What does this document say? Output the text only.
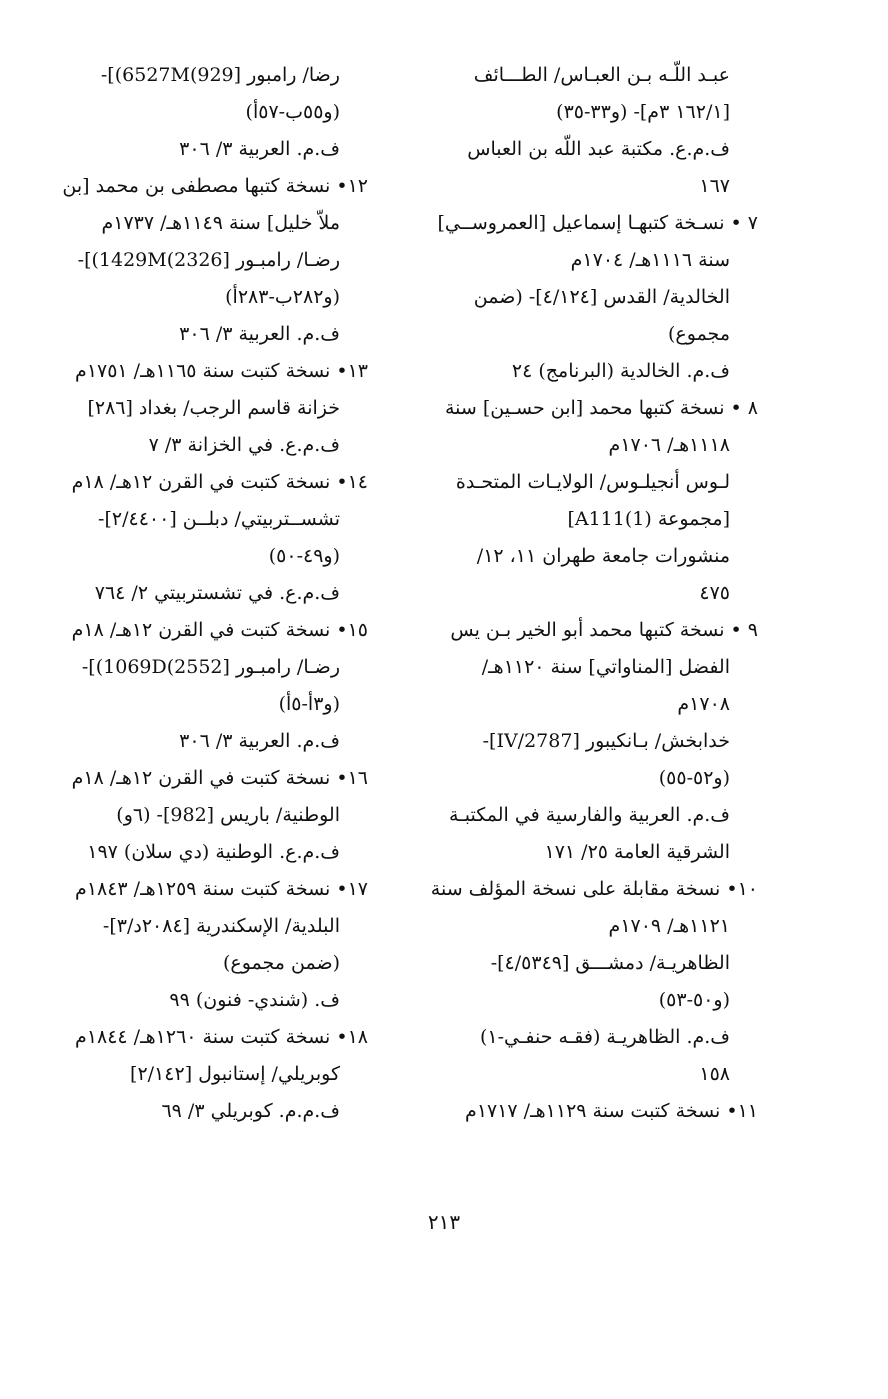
عبـد اللّـه بـن العبـاس/ الطـــائف
[١٦٢/١ ٣م]- (و٣٣-٣٥)
ف.م.ع. مكتبة عبد اللّه بن العباس
١٦٧
٧ • نسـخة كتبهـا إسماعيل [العمروســي]
سنة ١١١٦هـ/ ١٧٠٤م
الخالدية/ القدس [٤/١٢٤]- (ضمن
مجموع)
ف.م. الخالدية (البرنامج) ٢٤
٨ • نسخة كتبها محمد [ابن حسـين] سنة
١١١٨هـ/ ١٧٠٦م
لـوس أنجيلـوس/ الولايـات المتحـدة
[مجموعة A111(1)]
منشورات جامعة طهران ١١، ١٢/
٤٧٥
٩ • نسخة كتبها محمد أبو الخير بـن يس
الفضل [المناواتي] سنة ١١٢٠هـ/
١٧٠٨م
خدابخش/ بـانكيبور [2787/IV]-
(و٥٢-٥٥)
ف.م. العربية والفارسية في المكتبـة
الشرقية العامة ٢٥/ ١٧١
١٠• نسخة مقابلة على نسخة المؤلف سنة
١١٢١هـ/ ١٧٠٩م
الظاهريـة/ دمشـــق [٤/٥٣٤٩]-
(و٥٠-٥٣)
ف.م. الظاهريـة (فقـه حنفـي-١)
١٥٨
١١• نسخة كتبت سنة ١١٢٩هـ/ ١٧١٧م
رضا/ رامبور [929)6527M)]-
(و٥٥ب-٥٧أ)
ف.م. العربية ٣/ ٣٠٦
١٢• نسخة كتبها مصطفى بن محمد [بن
ملاّ خليل] سنة ١١٤٩هـ/ ١٧٣٧م
رضـا/ رامبـور [2326)1429M)]-
(و٢٨٢ب-٢٨٣أ)
ف.م. العربية ٣/ ٣٠٦
١٣• نسخة كتبت سنة ١١٦٥هـ/ ١٧٥١م
خزانة قاسم الرجب/ بغداد [٢٨٦]
ف.م.ع. في الخزانة ٣/ ٧
١٤• نسخة كتبت في القرن ١٢هـ/ ١٨م
تشســتربيتي/ دبلــن [٢/٤٤٠٠]-
(و٤٩-٥٠)
ف.م.ع. في تشستربيتي ٢/ ٧٦٤
١٥• نسخة كتبت في القرن ١٢هـ/ ١٨م
رضـا/ رامبـور [2552)1069D)]-
(و٣أ-٥أ)
ف.م. العربية ٣/ ٣٠٦
١٦• نسخة كتبت في القرن ١٢هـ/ ١٨م
الوطنية/ باريس [982]- (٦و)
ف.م.ع. الوطنية (دي سلان) ١٩٧
١٧• نسخة كتبت سنة ١٢٥٩هـ/ ١٨٤٣م
البلدية/ الإسكندرية [٢٠٨٤د/٣]-
(ضمن مجموع)
ف. (شندي- فنون) ٩٩
١٨• نسخة كتبت سنة ١٢٦٠هـ/ ١٨٤٤م
كوبريلي/ إستانبول [٢/١٤٢]
ف.م.م. كوبريلي ٣/ ٦٩
٢١٣
